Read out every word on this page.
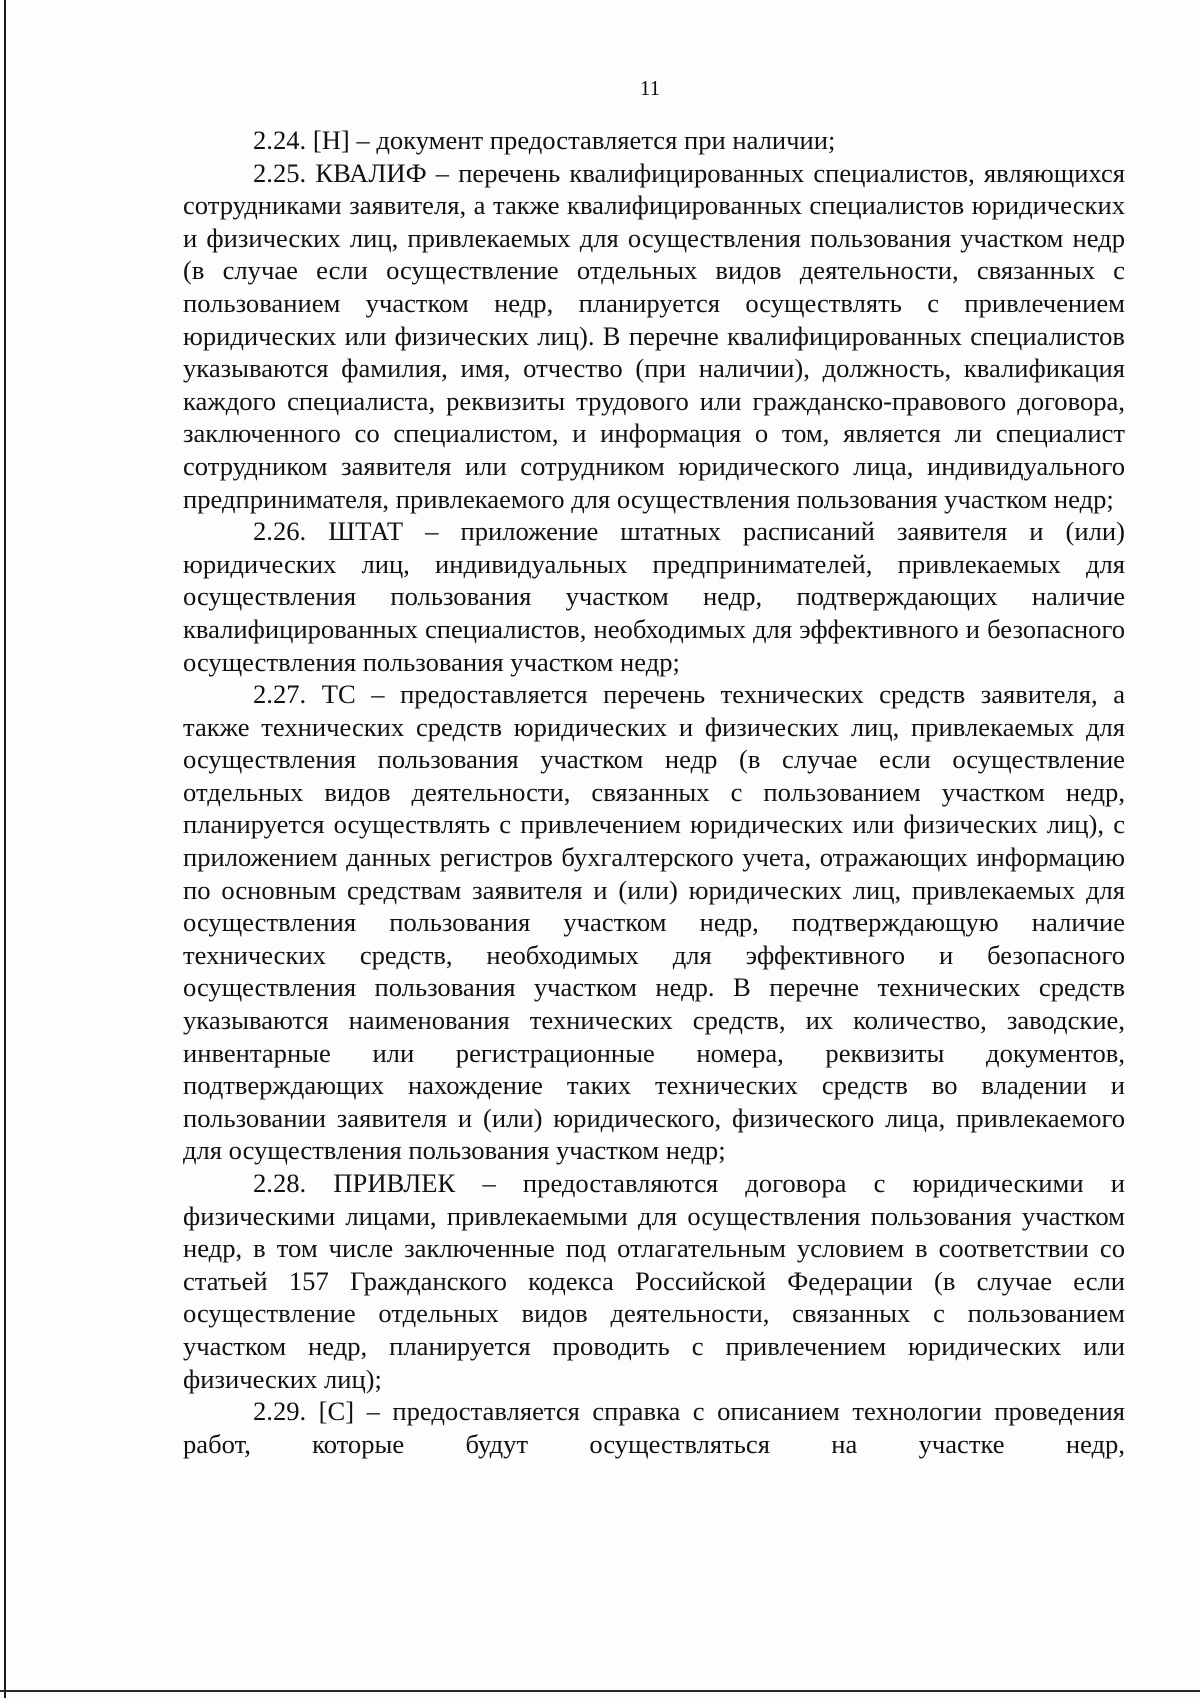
11

2.24. [Н] – документ предоставляется при наличии;

2.25. КВАЛИФ – перечень квалифицированных специалистов, являющихся сотрудниками заявителя, а также квалифицированных специалистов юридических и физических лиц, привлекаемых для осуществления пользования участком недр (в случае если осуществление отдельных видов деятельности, связанных с пользованием участком недр, планируется осуществлять с привлечением юридических или физических лиц). В перечне квалифицированных специалистов указываются фамилия, имя, отчество (при наличии), должность, квалификация каждого специалиста, реквизиты трудового или гражданско-правового договора, заключенного со специалистом, и информация о том, является ли специалист сотрудником заявителя или сотрудником юридического лица, индивидуального предпринимателя, привлекаемого для осуществления пользования участком недр;

2.26. ШТАТ – приложение штатных расписаний заявителя и (или) юридических лиц, индивидуальных предпринимателей, привлекаемых для осуществления пользования участком недр, подтверждающих наличие квалифицированных специалистов, необходимых для эффективного и безопасного осуществления пользования участком недр;

2.27. ТС – предоставляется перечень технических средств заявителя, а также технических средств юридических и физических лиц, привлекаемых для осуществления пользования участком недр (в случае если осуществление отдельных видов деятельности, связанных с пользованием участком недр, планируется осуществлять с привлечением юридических или физических лиц), с приложением данных регистров бухгалтерского учета, отражающих информацию по основным средствам заявителя и (или) юридических лиц, привлекаемых для осуществления пользования участком недр, подтверждающую наличие технических средств, необходимых для эффективного и безопасного осуществления пользования участком недр. В перечне технических средств указываются наименования технических средств, их количество, заводские, инвентарные или регистрационные номера, реквизиты документов, подтверждающих нахождение таких технических средств во владении и пользовании заявителя и (или) юридического, физического лица, привлекаемого для осуществления пользования участком недр;

2.28. ПРИВЛЕК – предоставляются договора с юридическими и физическими лицами, привлекаемыми для осуществления пользования участком недр, в том числе заключенные под отлагательным условием в соответствии со статьей 157 Гражданского кодекса Российской Федерации (в случае если осуществление отдельных видов деятельности, связанных с пользованием участком недр, планируется проводить с привлечением юридических или физических лиц);

2.29. [С] – предоставляется справка с описанием технологии проведения работ, которые будут осуществляться на участке недр,
